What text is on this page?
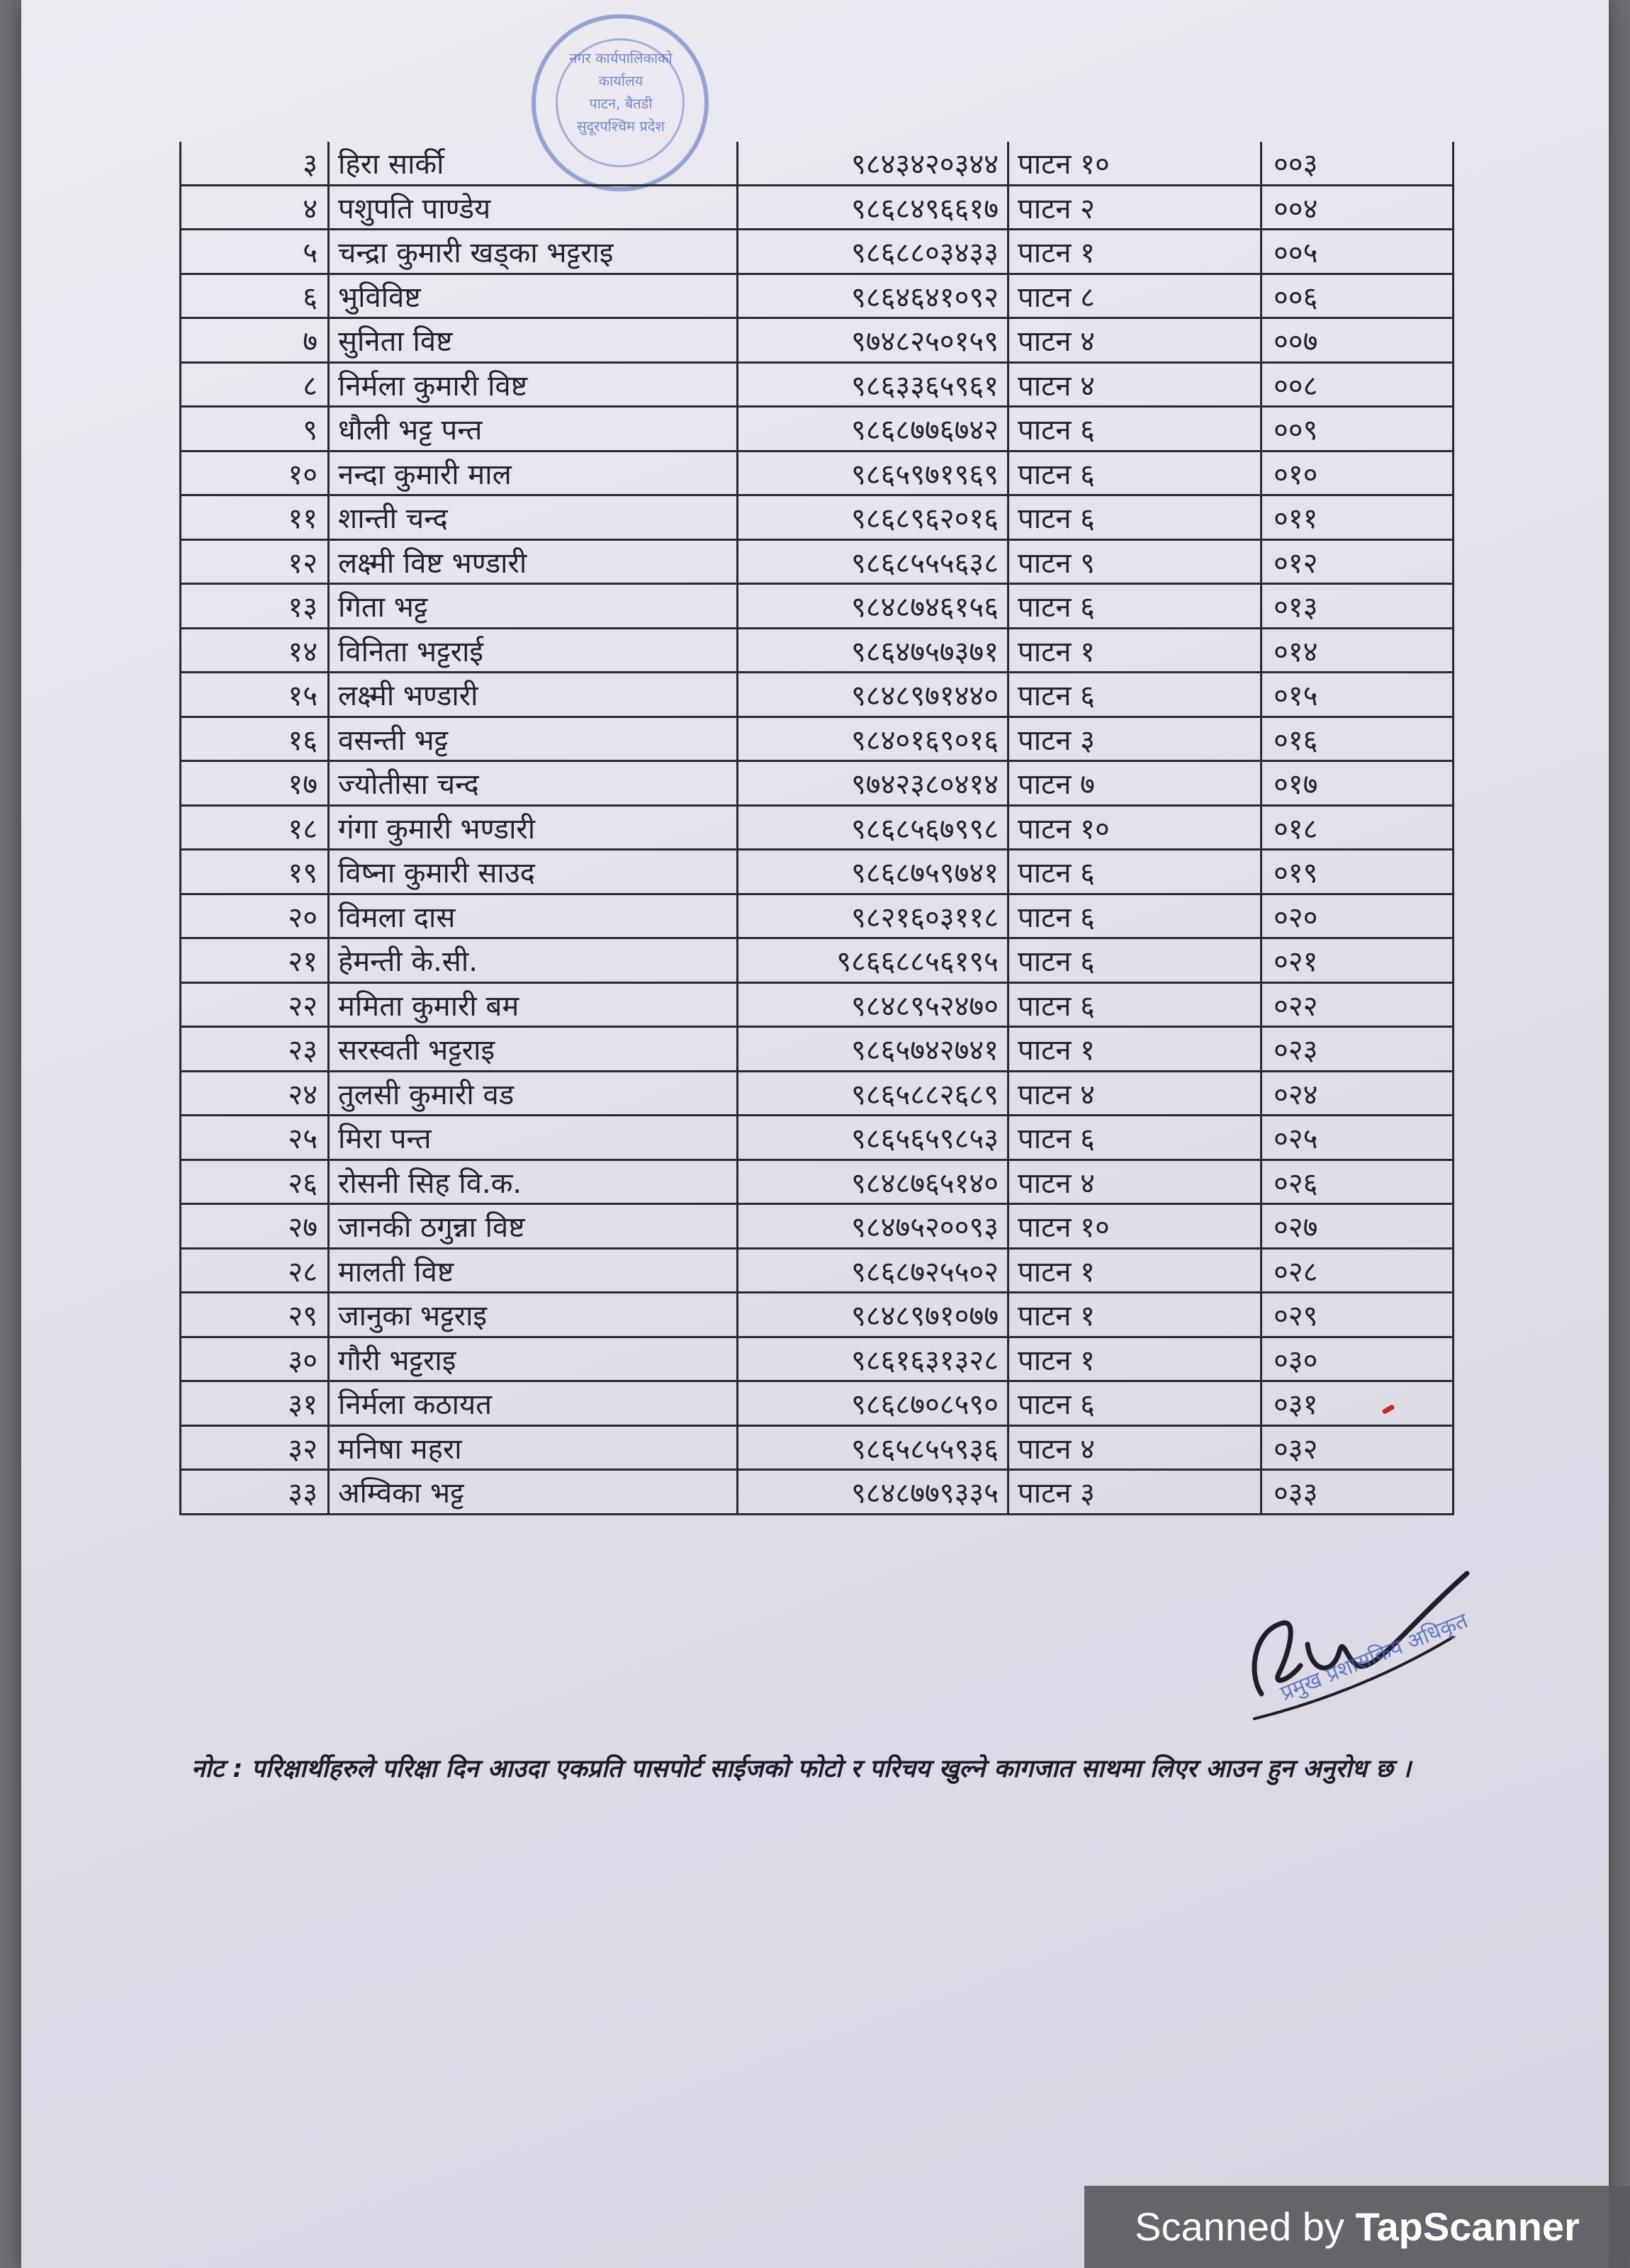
नगर कार्यपालिकाको कार्यालय
पाटन, बैतडी
सुदूरपश्चिम प्रदेश
३	हिरा सार्की	९८४३४२०३४४	पाटन १०	००३
४	पशुपति पाण्डेय	९८६८४९६६१७	पाटन २	००४
५	चन्द्रा कुमारी खड्का भट्टराइ	९८६८८०३४३३	पाटन १	००५
६	भुविविष्ट	९८६४६४१०९२	पाटन ८	००६
७	सुनिता विष्ट	९७४८२५०१५९	पाटन ४	००७
८	निर्मला कुमारी विष्ट	९८६३३६५९६१	पाटन ४	००८
९	धौली भट्ट पन्त	९८६८७७६७४२	पाटन ६	००९
१०	नन्दा कुमारी माल	९८६५९७१९६९	पाटन ६	०१०
११	शान्ती चन्द	९८६८९६२०१६	पाटन ६	०११
१२	लक्ष्मी विष्ट भण्डारी	९८६८५५५६३८	पाटन ९	०१२
१३	गिता भट्ट	९८४८७४६१५६	पाटन ६	०१३
१४	विनिता भट्टराई	९८६४७५७३७१	पाटन १	०१४
१५	लक्ष्मी भण्डारी	९८४८९७१४४०	पाटन ६	०१५
१६	वसन्ती भट्ट	९८४०१६९०१६	पाटन ३	०१६
१७	ज्योतीसा चन्द	९७४२३८०४१४	पाटन ७	०१७
१८	गंगा कुमारी भण्डारी	९८६८५६७९९८	पाटन १०	०१८
१९	विष्ना कुमारी साउद	९८६८७५९७४१	पाटन ६	०१९
२०	विमला दास	९८२१६०३११८	पाटन ६	०२०
२१	हेमन्ती के.सी.	९८६६८८५६१९५	पाटन ६	०२१
२२	ममिता कुमारी बम	९८४८९५२४७०	पाटन ६	०२२
२३	सरस्वती भट्टराइ	९८६५७४२७४१	पाटन १	०२३
२४	तुलसी कुमारी वड	९८६५८८२६८९	पाटन ४	०२४
२५	मिरा पन्त	९८६५६५९८५३	पाटन ६	०२५
२६	रोसनी सिह वि.क.	९८४८७६५१४०	पाटन ४	०२६
२७	जानकी ठगुन्ना विष्ट	९८४७५२००९३	पाटन १०	०२७
२८	मालती विष्ट	९८६८७२५५०२	पाटन १	०२८
२९	जानुका भट्टराइ	९८४८९७१०७७	पाटन १	०२९
३०	गौरी भट्टराइ	९८६१६३१३२८	पाटन १	०३०
३१	निर्मला कठायत	९८६८७०८५९०	पाटन ६	०३१
३२	मनिषा महरा	९८६५८५५९३६	पाटन ४	०३२
३३	अम्विका भट्ट	९८४८७७९३३५	पाटन ३	०३३
प्रमुख प्रशासकिय अधिकृत
नोट : परिक्षार्थीहरुले परिक्षा दिन आउदा एकप्रति पासपोर्ट साईजको फोटो र परिचय खुल्ने कागजात साथमा लिएर आउन हुन अनुरोध छ ।
Scanned by TapScanner
